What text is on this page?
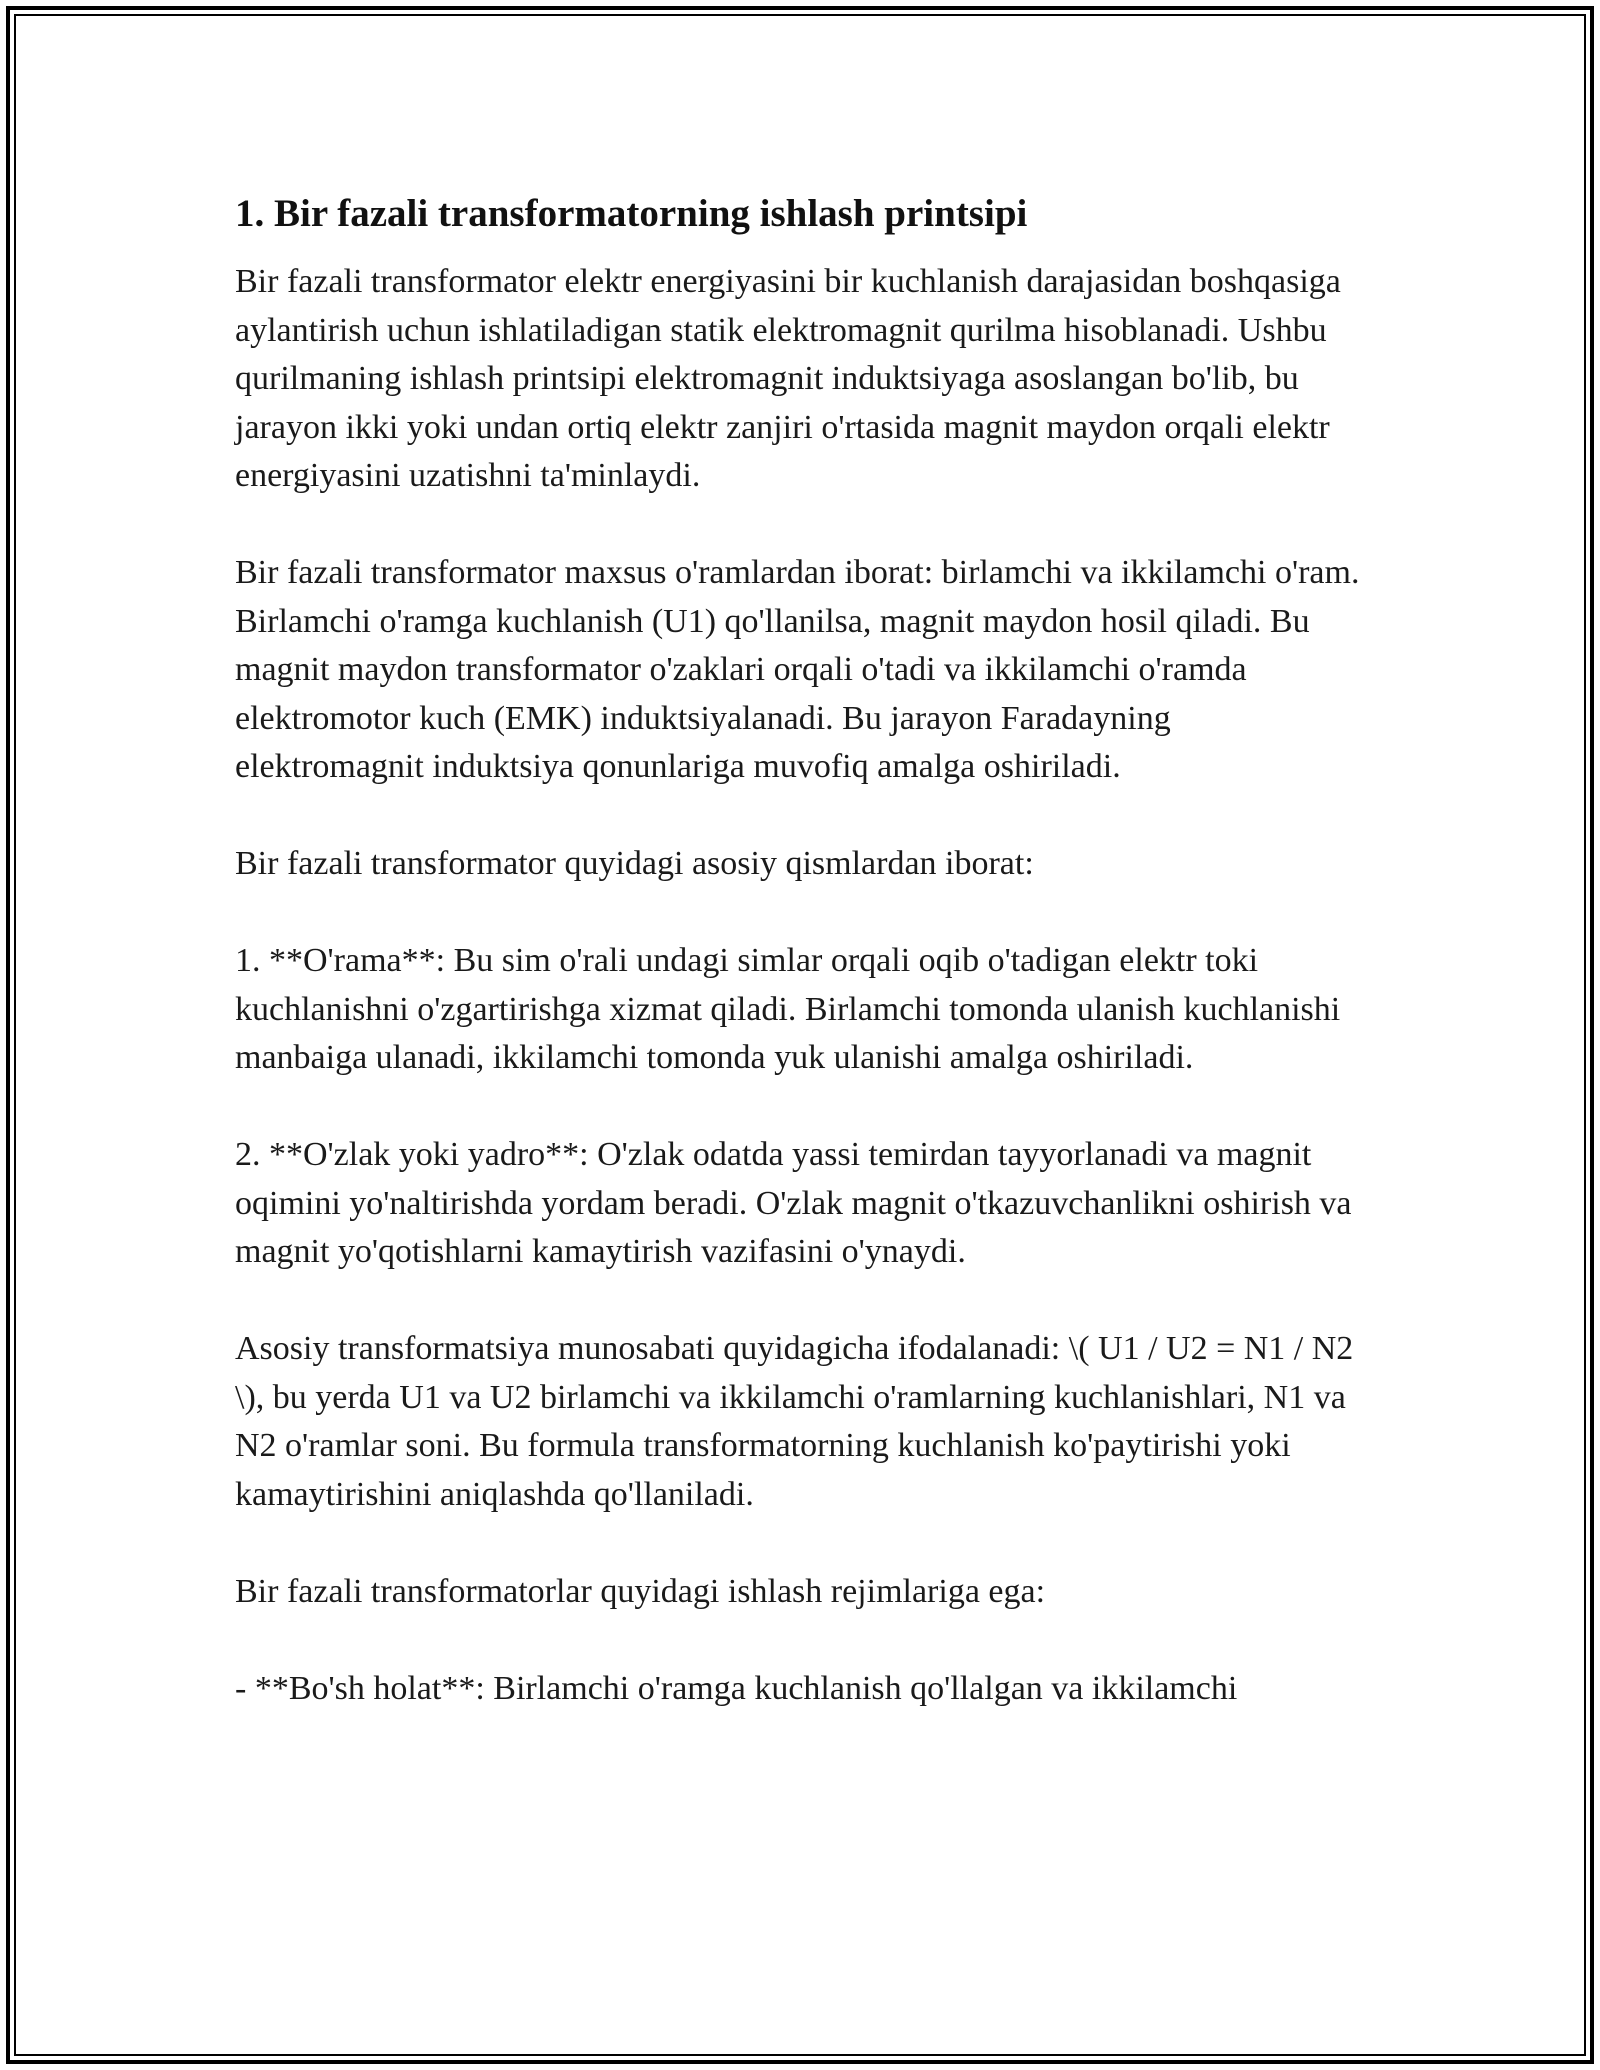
1. Bir fazali transformatorning ishlash printsipi

Bir fazali transformator elektr energiyasini bir kuchlanish darajasidan boshqasiga aylantirish uchun ishlatiladigan statik elektromagnit qurilma hisoblanadi. Ushbu qurilmaning ishlash printsipi elektromagnit induktsiyaga asoslangan bo'lib, bu jarayon ikki yoki undan ortiq elektr zanjiri o'rtasida magnit maydon orqali elektr energiyasini uzatishni ta'minlaydi.

Bir fazali transformator maxsus o'ramlardan iborat: birlamchi va ikkilamchi o'ram. Birlamchi o'ramga kuchlanish (U1) qo'llanilsa, magnit maydon hosil qiladi. Bu magnit maydon transformator o'zaklari orqali o'tadi va ikkilamchi o'ramda elektromotor kuch (EMK) induktsiyalanadi. Bu jarayon Faradayning elektromagnit induktsiya qonunlariga muvofiq amalga oshiriladi.

Bir fazali transformator quyidagi asosiy qismlardan iborat:

1. **O'rama**: Bu sim o'rali undagi simlar orqali oqib o'tadigan elektr toki kuchlanishni o'zgartirishga xizmat qiladi. Birlamchi tomonda ulanish kuchlanishi manbaiga ulanadi, ikkilamchi tomonda yuk ulanishi amalga oshiriladi.

2. **O'zlak yoki yadro**: O'zlak odatda yassi temirdan tayyorlanadi va magnit oqimini yo'naltirishda yordam beradi. O'zlak magnit o'tkazuvchanlikni oshirish va magnit yo'qotishlarni kamaytirish vazifasini o'ynaydi.

Asosiy transformatsiya munosabati quyidagicha ifodalanadi: \( U1 / U2 = N1 / N2 \), bu yerda U1 va U2 birlamchi va ikkilamchi o'ramlarning kuchlanishlari, N1 va N2 o'ramlar soni. Bu formula transformatorning kuchlanish ko'paytirishi yoki kamaytirishini aniqlashda qo'llaniladi.

Bir fazali transformatorlar quyidagi ishlash rejimlariga ega:

- **Bo'sh holat**: Birlamchi o'ramga kuchlanish qo'llalgan va ikkilamchi
